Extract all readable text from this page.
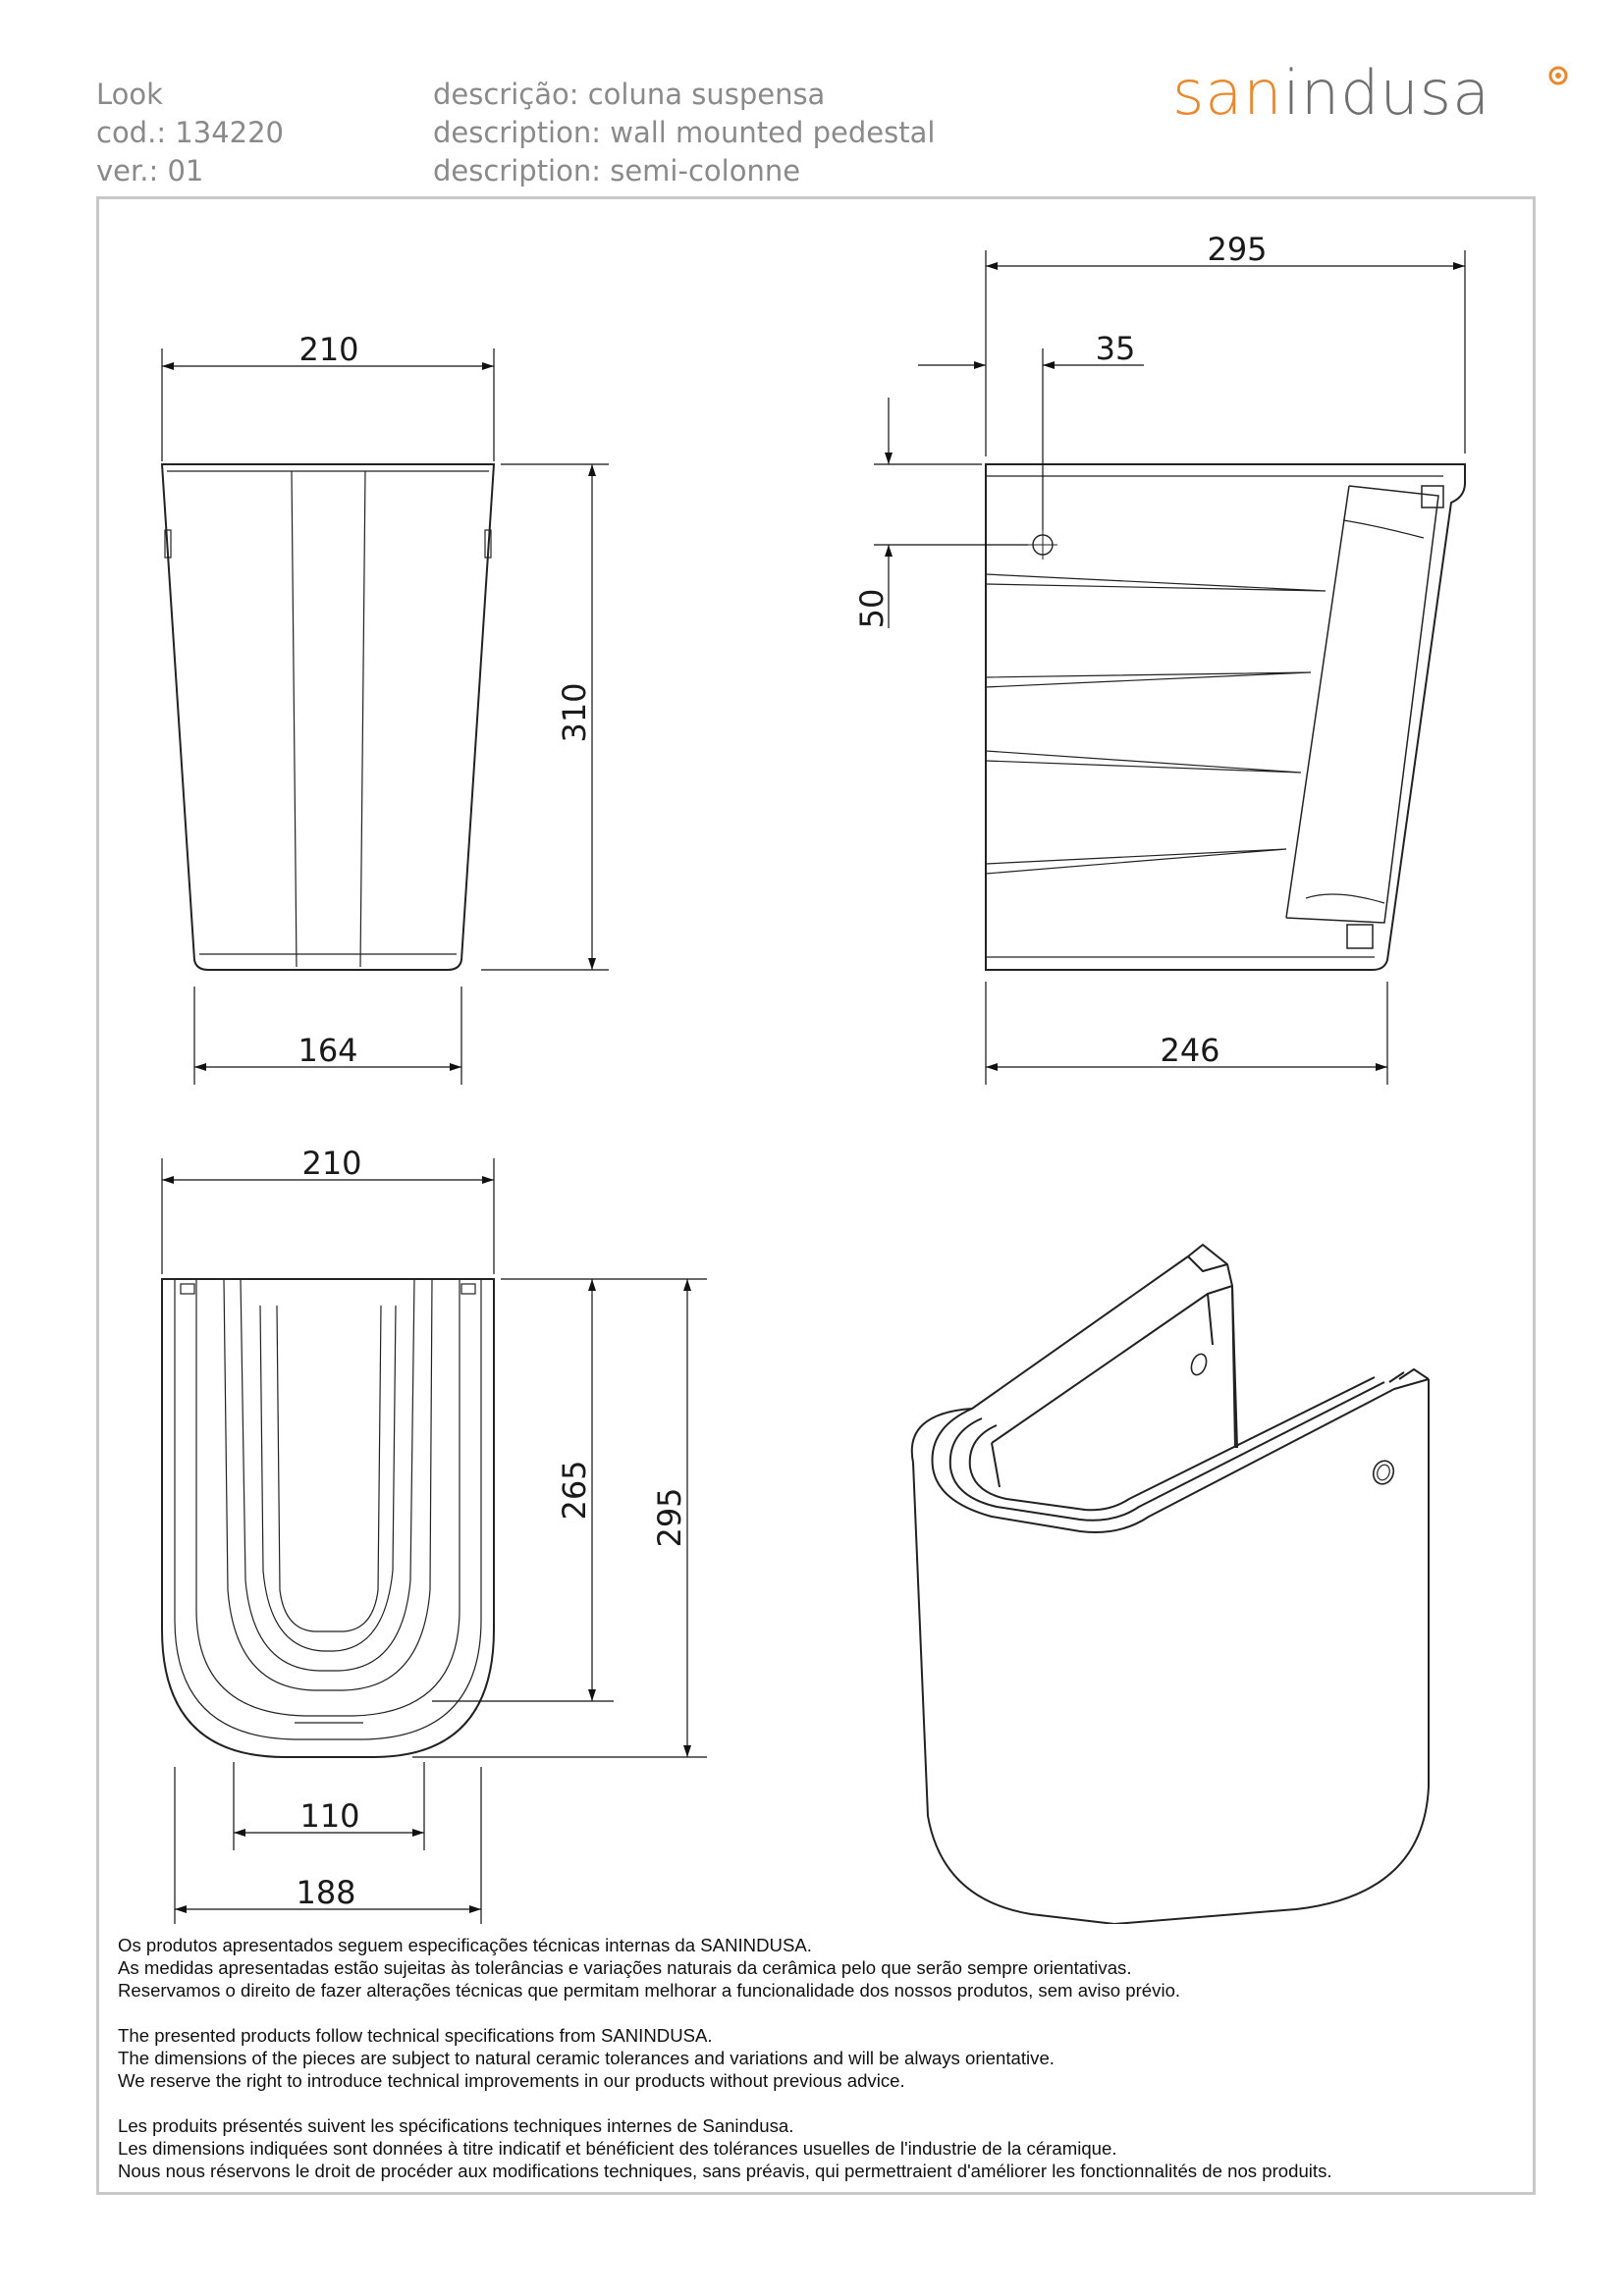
Look
cod.: 134220
ver.: 01
descrição: coluna suspensa
description: wall mounted pedestal
description: semi-colonne
sanindusa
210
310
164
295
35
50
246
210
265 295
110
188

Os produtos apresentados seguem especificações técnicas internas da SANINDUSA.
As medidas apresentadas estão sujeitas às tolerâncias e variações naturais da cerâmica pelo que serão sempre orientativas.
Reservamos o direito de fazer alterações técnicas que permitam melhorar a funcionalidade dos nossos produtos, sem aviso prévio.

The presented products follow technical specifications from SANINDUSA.
The dimensions of the pieces are subject to natural ceramic tolerances and variations and will be always orientative.
We reserve the right to introduce technical improvements in our products without previous advice.

Les produits présentés suivent les spécifications techniques internes de Sanindusa.
Les dimensions indiquées sont données à titre indicatif et bénéficient des tolérances usuelles de l'industrie de la céramique.
Nous nous réservons le droit de procéder aux modifications techniques, sans préavis, qui permettraient d'améliorer les fonctionnalités de nos produits.
